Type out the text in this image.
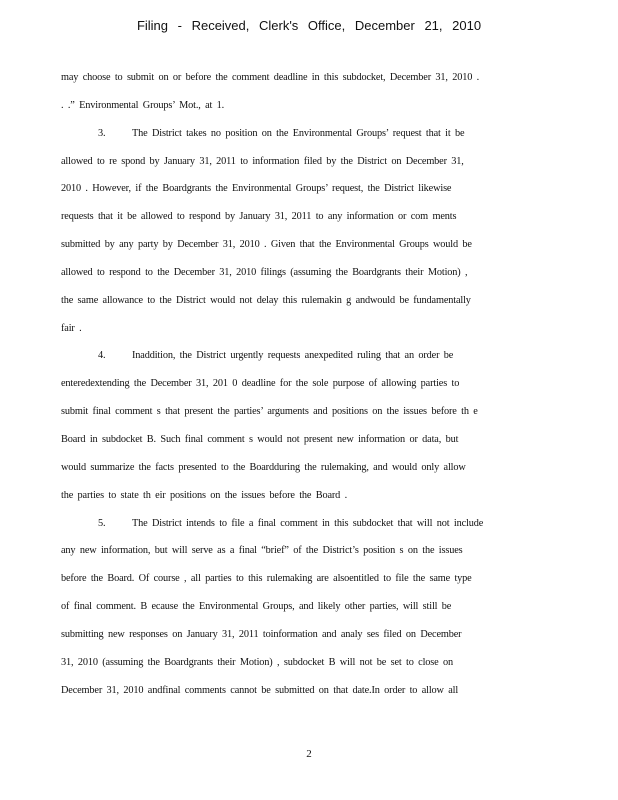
Filing - Received, Clerk's Office, December 21, 2010
may choose to submit on or before the comment deadline in this subdocket, December 31, 2010 .
. .” Environmental Groups’ Mot., at 1.
3.	The District takes no position on the Environmental Groups’ request that it be
allowed to re spond by January 31, 2011 to information filed by the District on December 31,
2010 . However, if the Boardgrants the Environmental Groups’ request, the District likewise
requests that it be allowed to respond by January 31, 2011 to any information or com ments
submitted by any party by December 31, 2010 . Given that the Environmental Groups would be
allowed to respond to the December 31, 2010 filings (assuming the Boardgrants their Motion) ,
the same allowance to the District would not delay this rulemakin g andwould be fundamentally
fair .
4.	Inaddition, the District urgently requests anexpedited ruling that an order be
enteredextending the December 31, 201 0 deadline for the sole purpose of allowing parties to
submit final comment s that present the parties’ arguments and positions on the issues before th e
Board in subdocket B. Such final comment s would not present new information or data, but
would summarize the facts presented to the Boardduring the rulemaking, and would only allow
the parties to state th eir positions on the issues before the Board .
5.	The District intends to file a final comment in this subdocket that will not include
any new information, but will serve as a final “brief” of the District’s position s on the issues
before the Board. Of course , all parties to this rulemaking are alsoentitled to file the same type
of final comment. B ecause the Environmental Groups, and likely other parties, will still be
submitting new responses on January 31, 2011 toinformation and analy ses filed on December
31, 2010 (assuming the Boardgrants their Motion) , subdocket B will not be set to close on
December 31, 2010 andfinal comments cannot be submitted on that date.In order to allow all
2
